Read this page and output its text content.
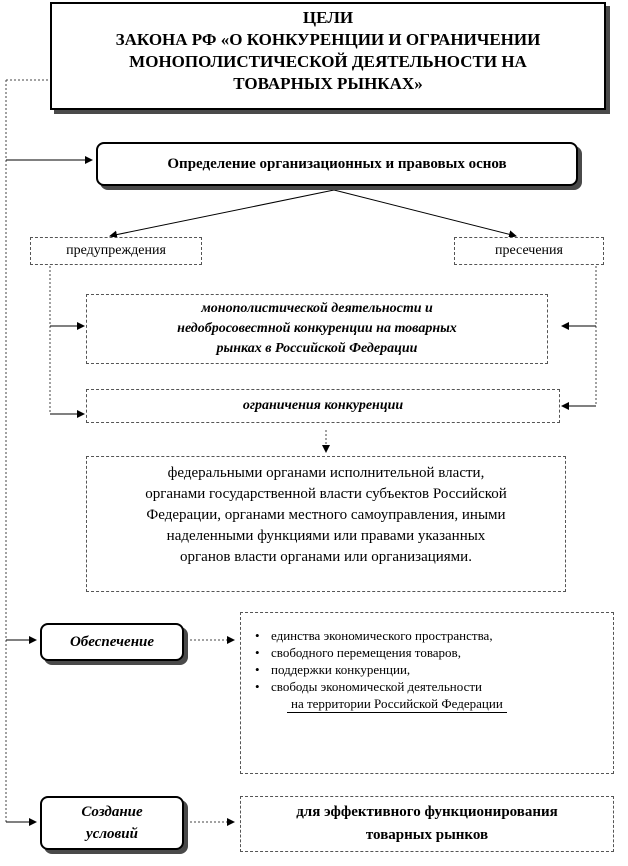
ЦЕЛИ
ЗАКОНА РФ «О КОНКУРЕНЦИИ И ОГРАНИЧЕНИИ
МОНОПОЛИСТИЧЕСКОЙ ДЕЯТЕЛЬНОСТИ НА
ТОВАРНЫХ РЫНКАХ»
Определение организационных и правовых основ
предупреждения	пресечения
монополистической деятельности и
недобросовестной конкуренции на товарных
рынках в Российской Федерации
огрaничения конкуренции
федеральными органами исполнительной власти,
органами государственной власти субъектов Российской
Федерации, органами местного самоуправления, иными
наделенными функциями или правами указанных
органов власти органами или организациями.
Обеспечение
•	единства экономического пространства,
• свободного перемещения товаров,
• поддержки конкуренции,
• свободы экономической деятельности
на территории Российской Федерации
Создание
условий
для эффективного функционирования
товарных рынков
